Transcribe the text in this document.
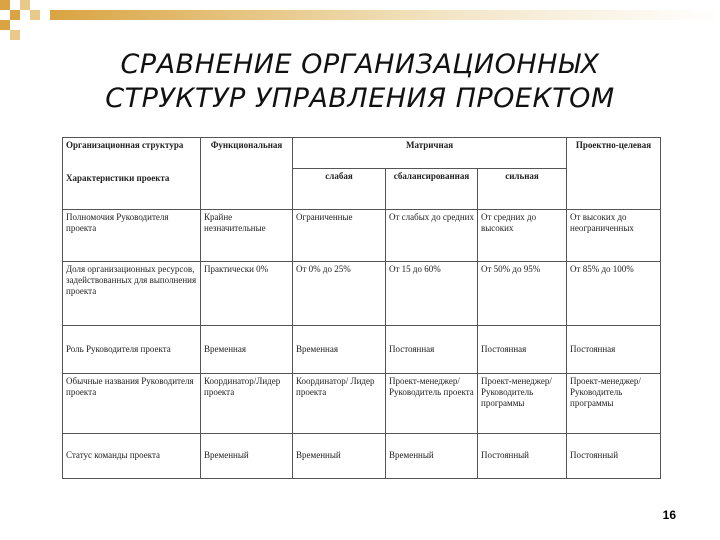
СРАВНЕНИЕ ОРГАНИЗАЦИОННЫХ
СТРУКТУР УПРАВЛЕНИЯ ПРОЕКТОМ
Организационная структура
Характеристики проекта	Функциональная	Матричная			Проектно-целевая
		слабая	сбалансированная	сильная	
Полномочия Руководителя проекта	Крайне незначительные	Ограниченные	От слабых до средних	От средних до высоких	От высоких до неограниченных
Доля организационных ресурсов, задействованных для выполнения проекта	Практически 0%	От 0% до 25%	От 15 до 60%	От 50% до 95%	От 85% до 100%
Роль Руководителя проекта	Временная	Временная	Постоянная	Постоянная	Постоянная
Обычные названия Руководителя проекта	Координатор/Лидер проекта	Координатор/ Лидер проекта	Проект-менеджер/ Руководитель проекта	Проект-менеджер/ Руководитель программы	Проект-менеджер/ Руководитель программы
Статус команды проекта	Временный	Временный	Временный	Постоянный	Постоянный
16
